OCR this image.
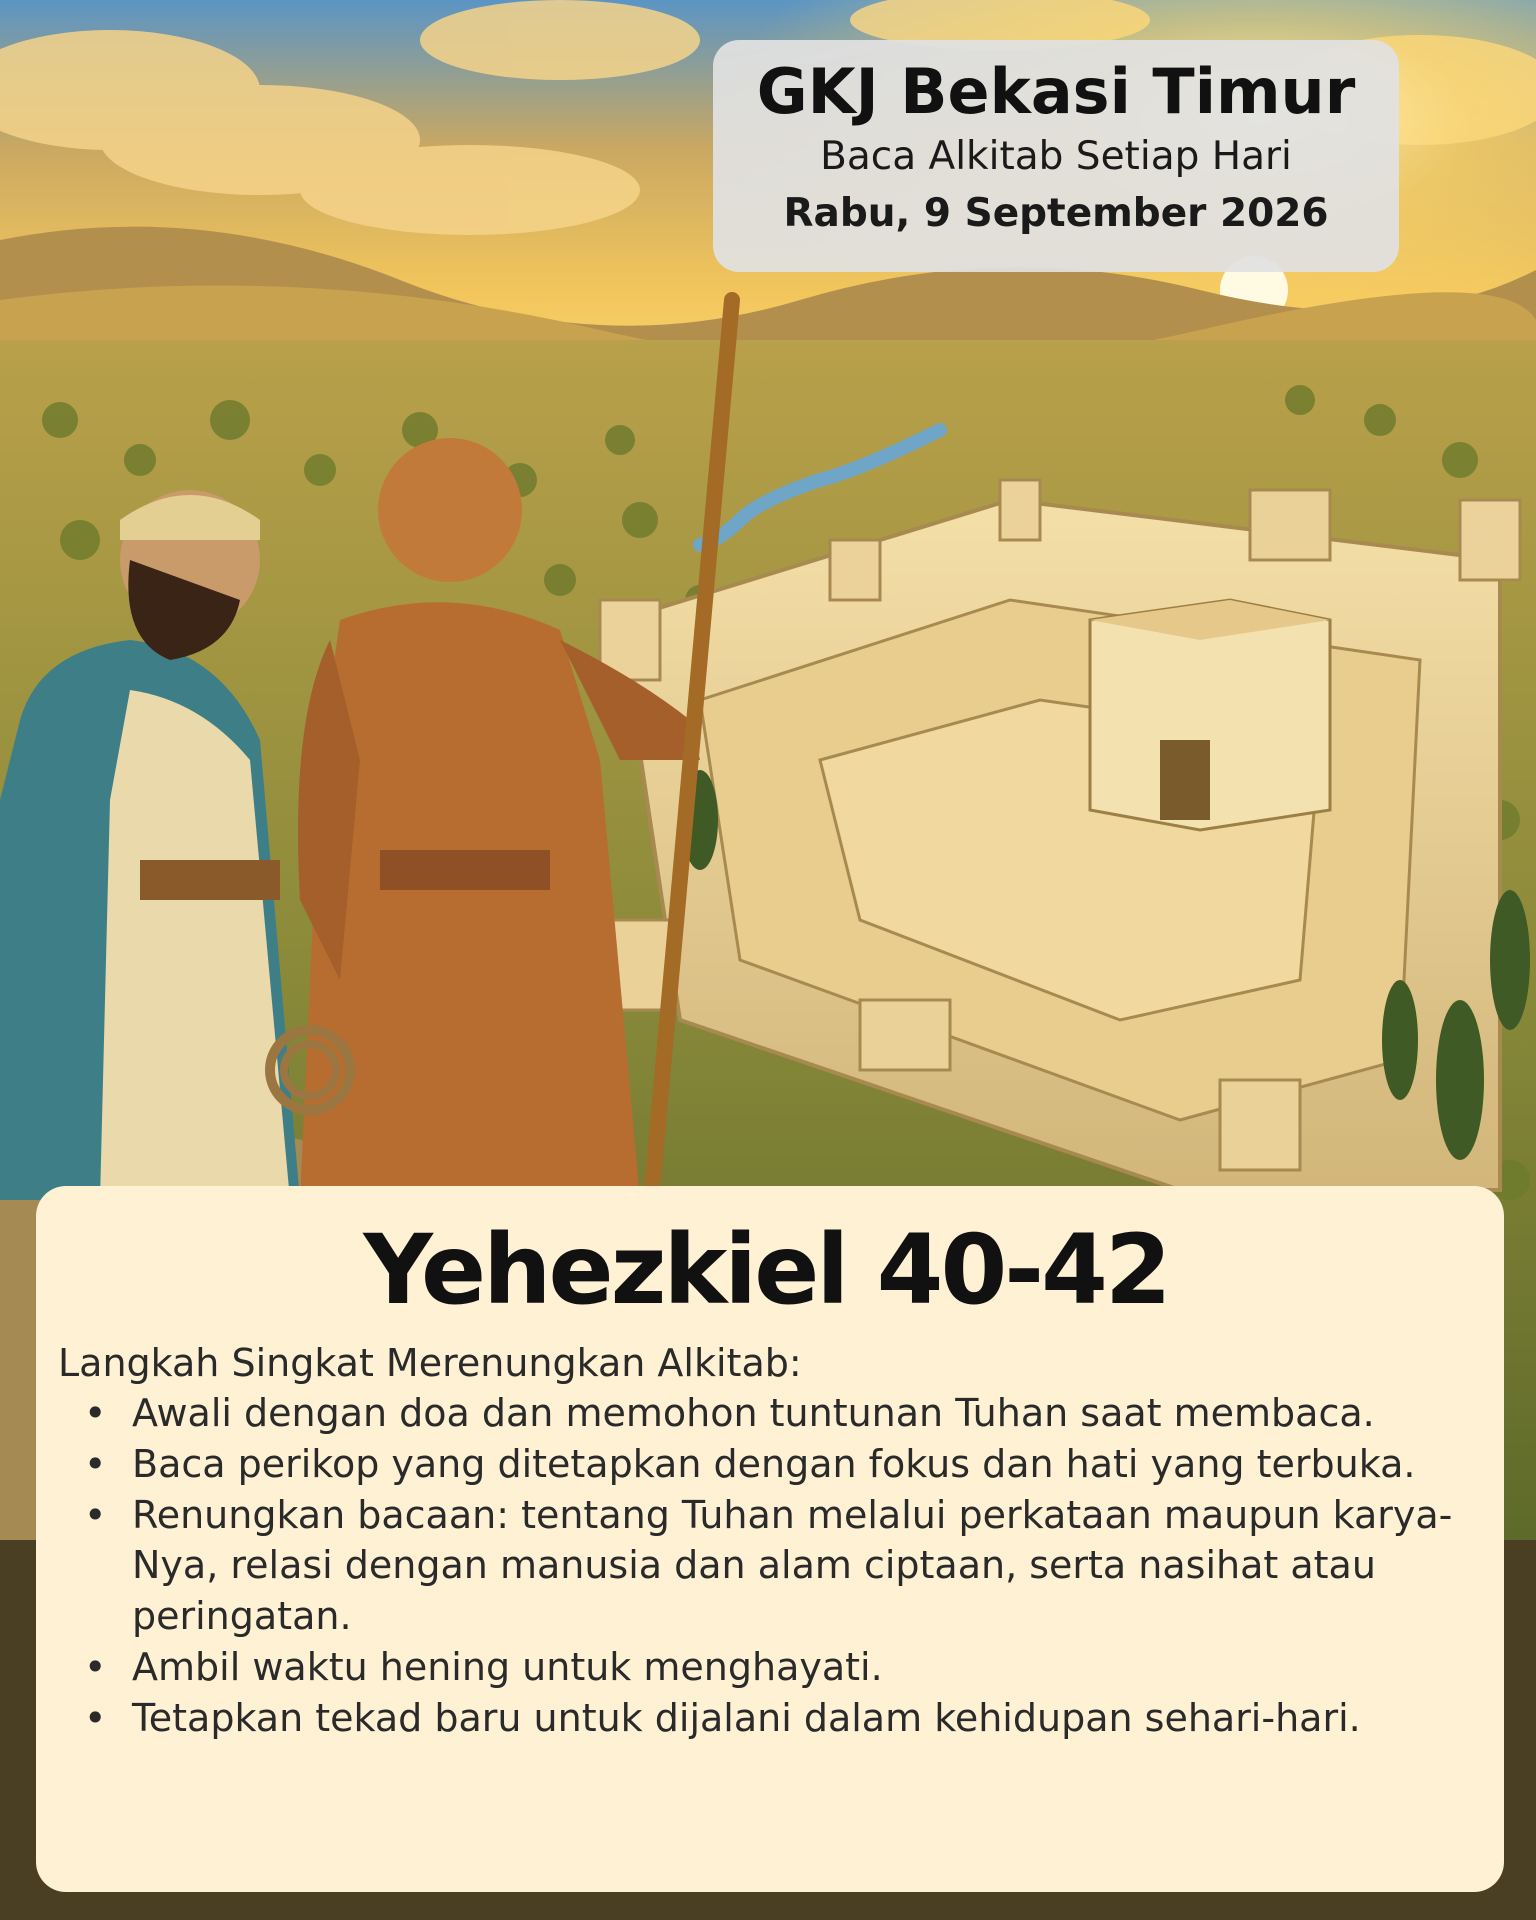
GKJ Bekasi Timur
Baca Alkitab Setiap Hari
Rabu, 9 September 2026
Yehezkiel 40-42
Langkah Singkat Merenungkan Alkitab:
• Awali dengan doa dan memohon tuntunan Tuhan saat membaca.
• Baca perikop yang ditetapkan dengan fokus dan hati yang terbuka.
• Renungkan bacaan: tentang Tuhan melalui perkataan maupun karya-Nya, relasi dengan manusia dan alam ciptaan, serta nasihat atau peringatan.
• Ambil waktu hening untuk menghayati.
• Tetapkan tekad baru untuk dijalani dalam kehidupan sehari-hari.
